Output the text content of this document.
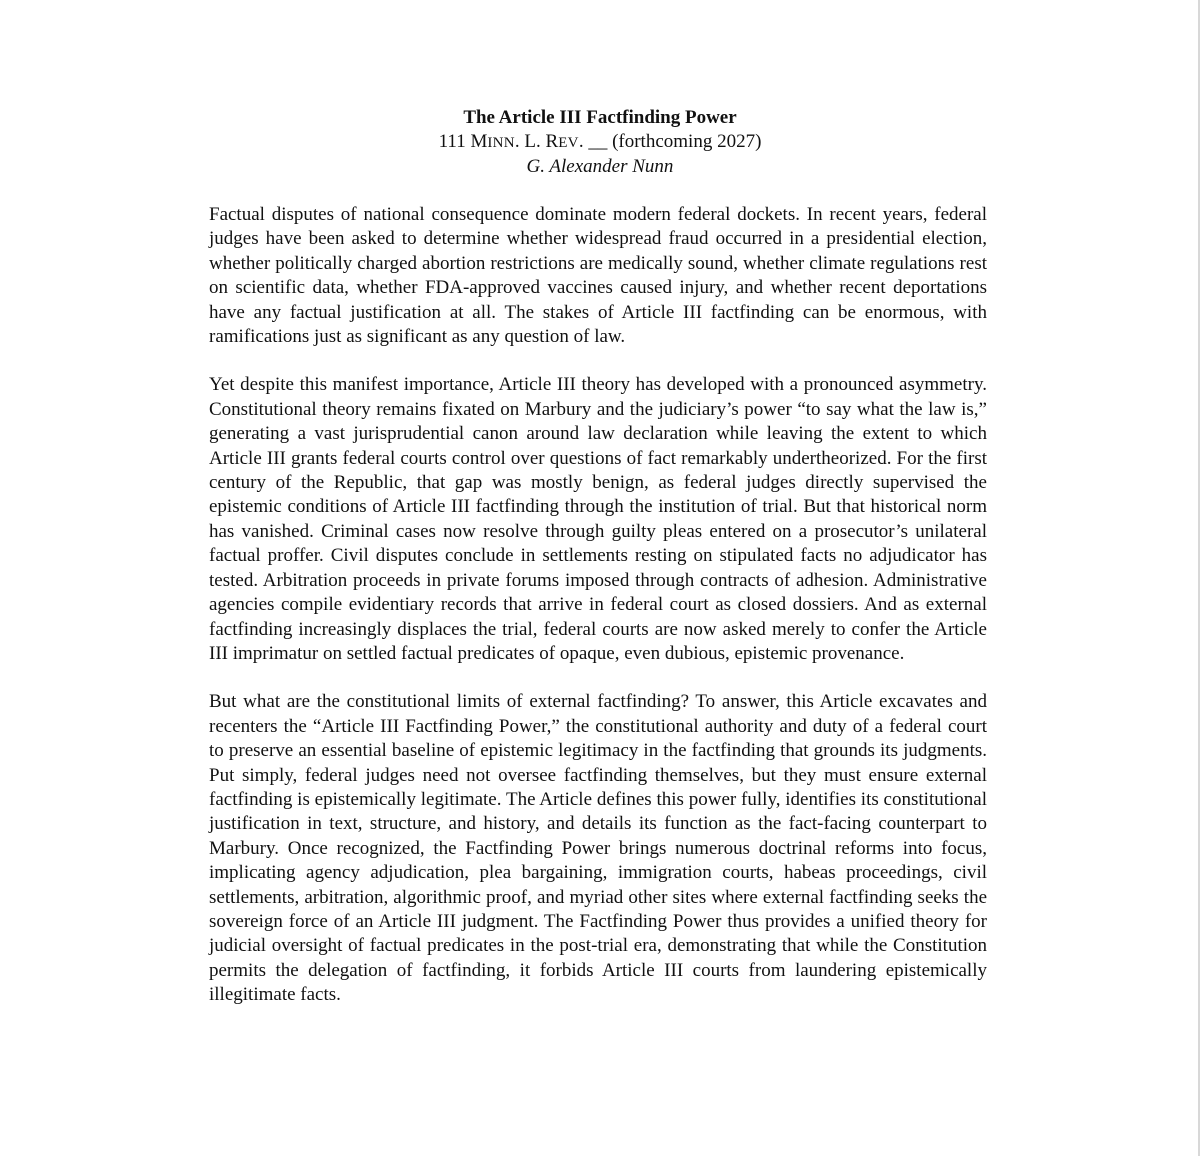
The Article III Factfinding Power
111 MINN. L. REV. __ (forthcoming 2027)
G. Alexander Nunn

Factual disputes of national consequence dominate modern federal dockets. In recent years, federal judges have been asked to determine whether widespread fraud occurred in a presidential election, whether politically charged abortion restrictions are medically sound, whether climate regulations rest on scientific data, whether FDA-approved vaccines caused injury, and whether recent deportations have any factual justification at all. The stakes of Article III factfinding can be enormous, with ramifications just as significant as any question of law.

Yet despite this manifest importance, Article III theory has developed with a pronounced asymmetry. Constitutional theory remains fixated on Marbury and the judiciary’s power “to say what the law is,” generating a vast jurisprudential canon around law declaration while leaving the extent to which Article III grants federal courts control over questions of fact remarkably undertheorized. For the first century of the Republic, that gap was mostly benign, as federal judges directly supervised the epistemic conditions of Article III factfinding through the institution of trial. But that historical norm has vanished. Criminal cases now resolve through guilty pleas entered on a prosecutor’s unilateral factual proffer. Civil disputes conclude in settlements resting on stipulated facts no adjudicator has tested. Arbitration proceeds in private forums imposed through contracts of adhesion. Administrative agencies compile evidentiary records that arrive in federal court as closed dossiers. And as external factfinding increasingly displaces the trial, federal courts are now asked merely to confer the Article III imprimatur on settled factual predicates of opaque, even dubious, epistemic provenance.

But what are the constitutional limits of external factfinding? To answer, this Article excavates and recenters the “Article III Factfinding Power,” the constitutional authority and duty of a federal court to preserve an essential baseline of epistemic legitimacy in the factfinding that grounds its judgments. Put simply, federal judges need not oversee factfinding themselves, but they must ensure external factfinding is epistemically legitimate. The Article defines this power fully, identifies its constitutional justification in text, structure, and history, and details its function as the fact-facing counterpart to Marbury. Once recognized, the Factfinding Power brings numerous doctrinal reforms into focus, implicating agency adjudication, plea bargaining, immigration courts, habeas proceedings, civil settlements, arbitration, algorithmic proof, and myriad other sites where external factfinding seeks the sovereign force of an Article III judgment. The Factfinding Power thus provides a unified theory for judicial oversight of factual predicates in the post-trial era, demonstrating that while the Constitution permits the delegation of factfinding, it forbids Article III courts from laundering epistemically illegitimate facts.
